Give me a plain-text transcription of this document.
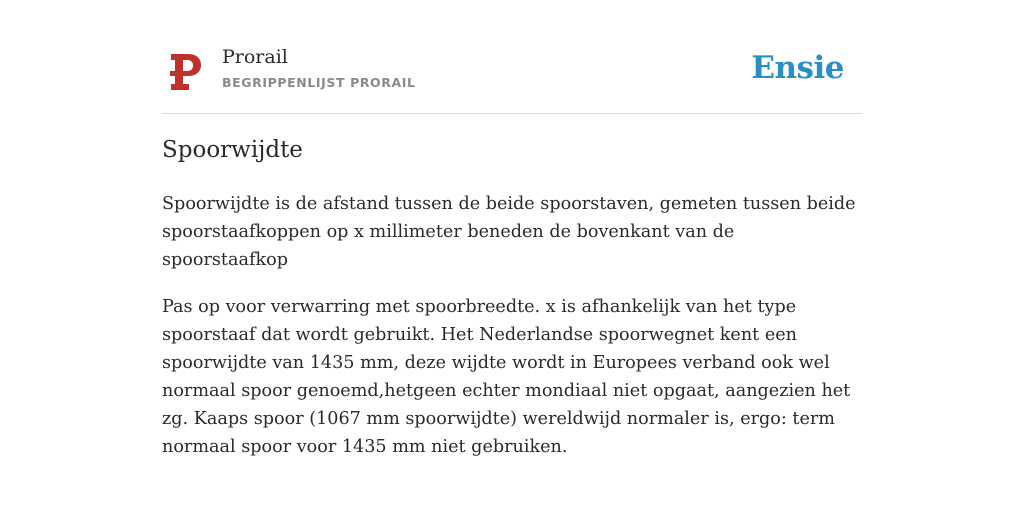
Prorail
BEGRIPPENLIJST PRORAIL	Ensie
Spoorwijdte

Spoorwijdte is de afstand tussen de beide spoorstaven, gemeten tussen beide spoorstaafkoppen op x millimeter beneden de bovenkant van de spoorstaafkop

Pas op voor verwarring met spoorbreedte. x is afhankelijk van het type spoorstaaf dat wordt gebruikt. Het Nederlandse spoorwegnet kent een spoorwijdte van 1435 mm, deze wijdte wordt in Europees verband ook wel normaal spoor genoemd,hetgeen echter mondiaal niet opgaat, aangezien het zg. Kaaps spoor (1067 mm spoorwijdte) wereldwijd normaler is, ergo: term normaal spoor voor 1435 mm niet gebruiken.
